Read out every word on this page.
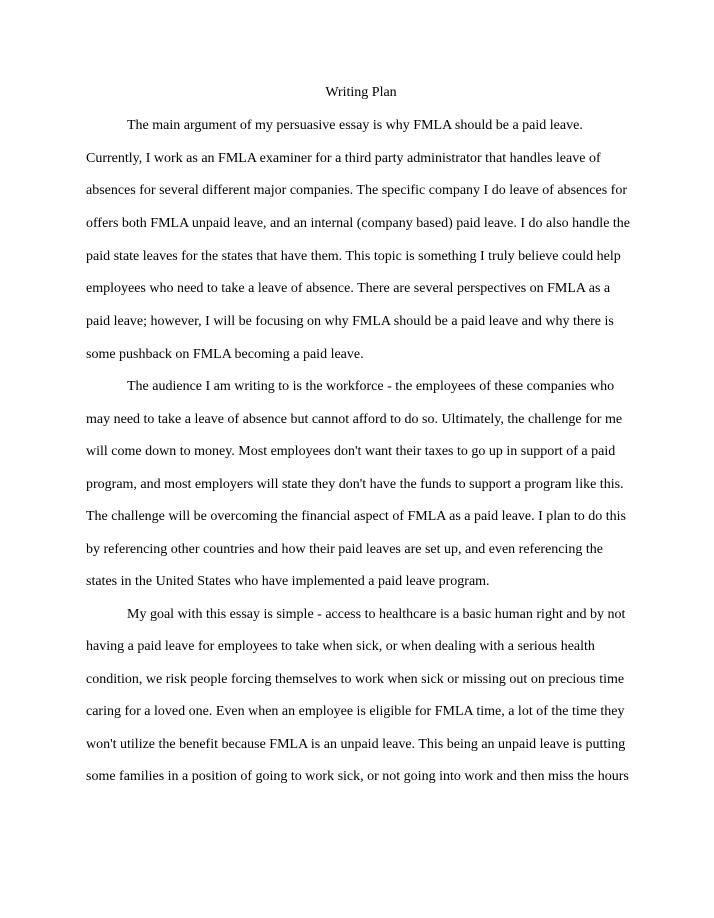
Writing Plan

The main argument of my persuasive essay is why FMLA should be a paid leave.

Currently, I work as an FMLA examiner for a third party administrator that handles leave of

absences for several different major companies. The specific company I do leave of absences for

offers both FMLA unpaid leave, and an internal (company based) paid leave. I do also handle the

paid state leaves for the states that have them. This topic is something I truly believe could help

employees who need to take a leave of absence. There are several perspectives on FMLA as a

paid leave; however, I will be focusing on why FMLA should be a paid leave and why there is

some pushback on FMLA becoming a paid leave.

The audience I am writing to is the workforce - the employees of these companies who

may need to take a leave of absence but cannot afford to do so. Ultimately, the challenge for me

will come down to money. Most employees don't want their taxes to go up in support of a paid

program, and most employers will state they don't have the funds to support a program like this.

The challenge will be overcoming the financial aspect of FMLA as a paid leave. I plan to do this

by referencing other countries and how their paid leaves are set up, and even referencing the

states in the United States who have implemented a paid leave program.

My goal with this essay is simple - access to healthcare is a basic human right and by not

having a paid leave for employees to take when sick, or when dealing with a serious health

condition, we risk people forcing themselves to work when sick or missing out on precious time

caring for a loved one. Even when an employee is eligible for FMLA time, a lot of the time they

won't utilize the benefit because FMLA is an unpaid leave. This being an unpaid leave is putting

some families in a position of going to work sick, or not going into work and then miss the hours
